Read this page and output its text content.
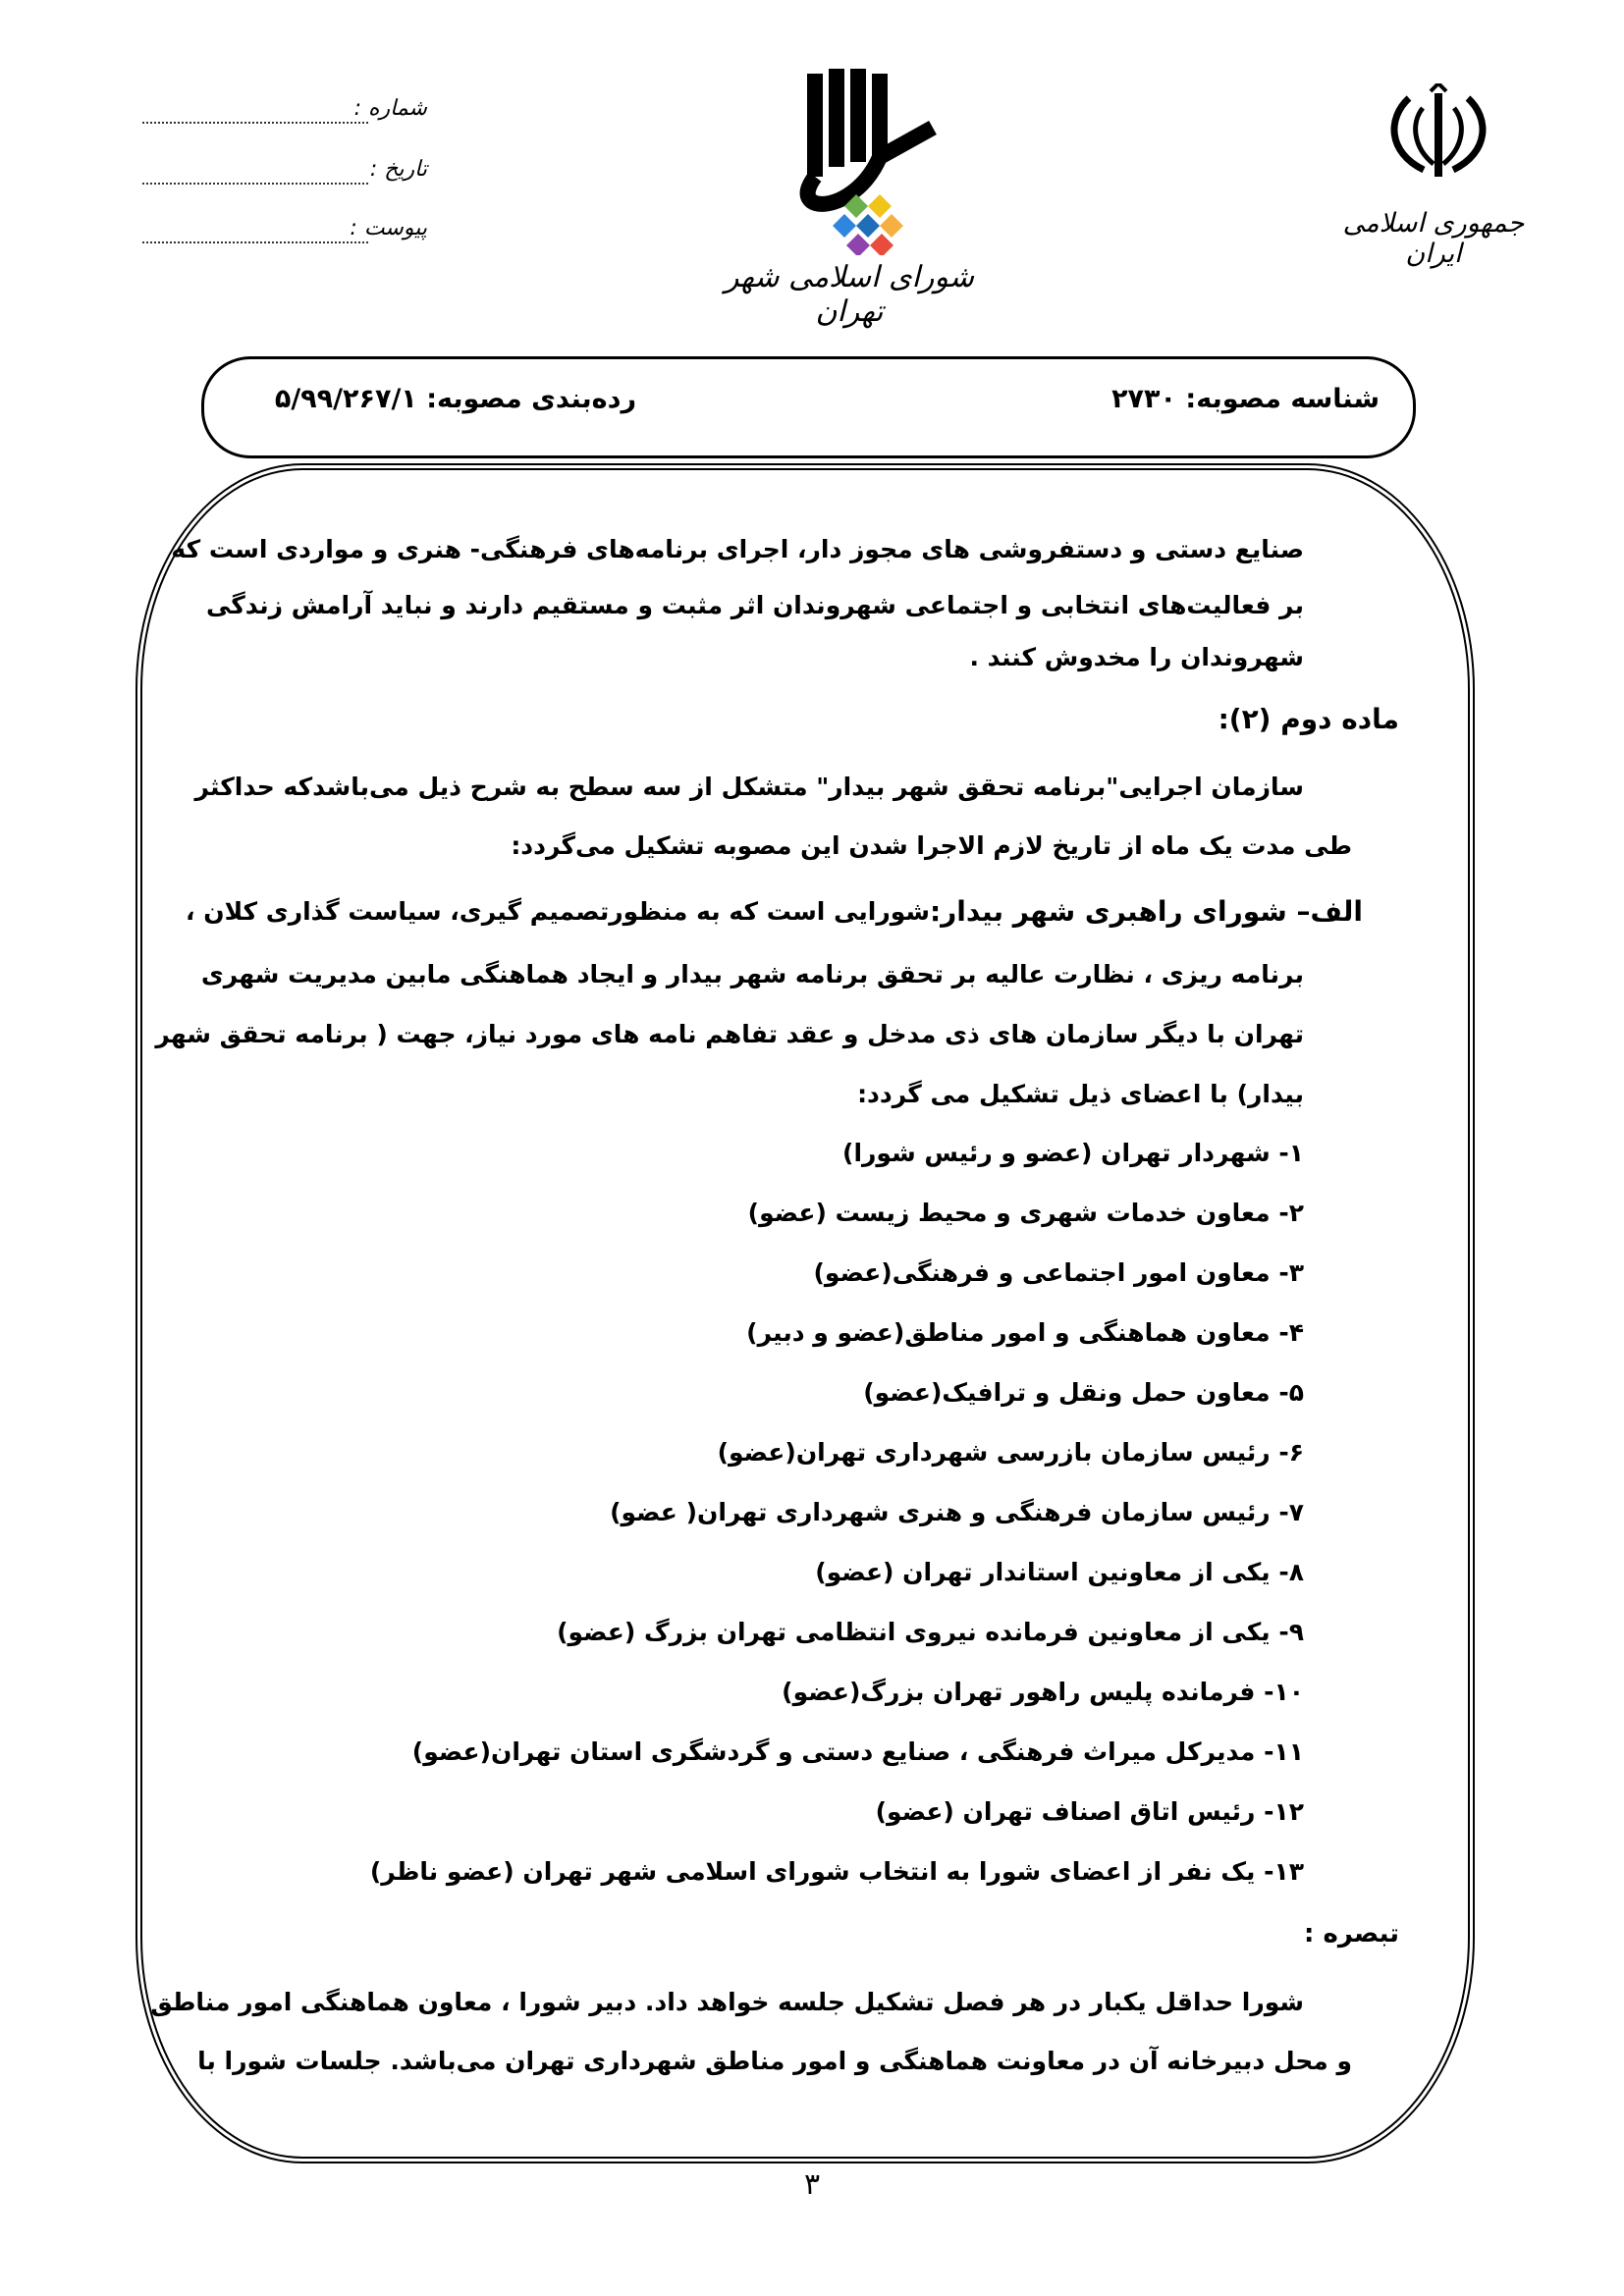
جمهوری اسلامی ایران
شورای اسلامی شهر تهران
شماره :
تاریخ :
پیوست :
شناسه مصوبه: ۲۷۳۰
رده‌بندی مصوبه: ۵/۹۹/۲۶۷/۱
صنایع دستی و دستفروشی های مجوز دار، اجرای برنامه‌های فرهنگی- هنری و مواردی است که
بر فعالیت‌های انتخابی و اجتماعی شهروندان اثر مثبت و مستقیم دارند و نباید آرامش زندگی
شهروندان را مخدوش کنند .
ماده دوم (۲):
سازمان اجرایی"برنامه تحقق شهر بیدار" متشکل از سه سطح به شرح ذیل می‌باشد‌که حداکثر
طی مدت یک ماه از تاریخ لازم الاجرا شدن این مصوبه تشکیل می‌گردد:
الف– شورای راهبری شهر بیدار:
شورایی است که به منظورتصمیم گیری، سیاست گذاری کلان ،
برنامه ریزی ، نظارت عالیه بر تحقق برنامه شهر بیدار و ایجاد هماهنگی مابین مدیریت شهری
تهران با دیگر سازمان های ذی مدخل و عقد تفاهم نامه های مورد نیاز، جهت ( برنامه تحقق شهر
بیدار) با اعضای ذیل تشکیل می گردد:
۱- شهردار تهران (عضو و رئیس شورا)
۲- معاون خدمات شهری و محیط زیست (عضو)
۳- معاون امور اجتماعی و فرهنگی(عضو)
۴- معاون هماهنگی و امور مناطق(عضو و دبیر)
۵- معاون حمل ونقل و ترافیک(عضو)
۶- رئیس سازمان بازرسی شهرداری تهران(عضو)
۷- رئیس سازمان فرهنگی و هنری شهرداری تهران( عضو)
۸- یکی از معاونین استاندار تهران (عضو)
۹- یکی از معاونین فرمانده نیروی انتظامی تهران بزرگ (عضو)
۱۰- فرمانده پلیس راهور تهران بزرگ(عضو)
۱۱- مدیرکل میراث فرهنگی ، صنایع دستی و گردشگری استان تهران(عضو)
۱۲- رئیس اتاق اصناف تهران (عضو)
۱۳- یک نفر از اعضای شورا به انتخاب شورای اسلامی شهر تهران (عضو ناظر)
تبصره :
شورا حداقل یکبار در هر فصل تشکیل جلسه خواهد داد. دبیر شورا ، معاون هماهنگی امور مناطق
و محل دبیرخانه آن در معاونت هماهنگی و امور مناطق شهرداری تهران می‌باشد. جلسات شورا با
۳
